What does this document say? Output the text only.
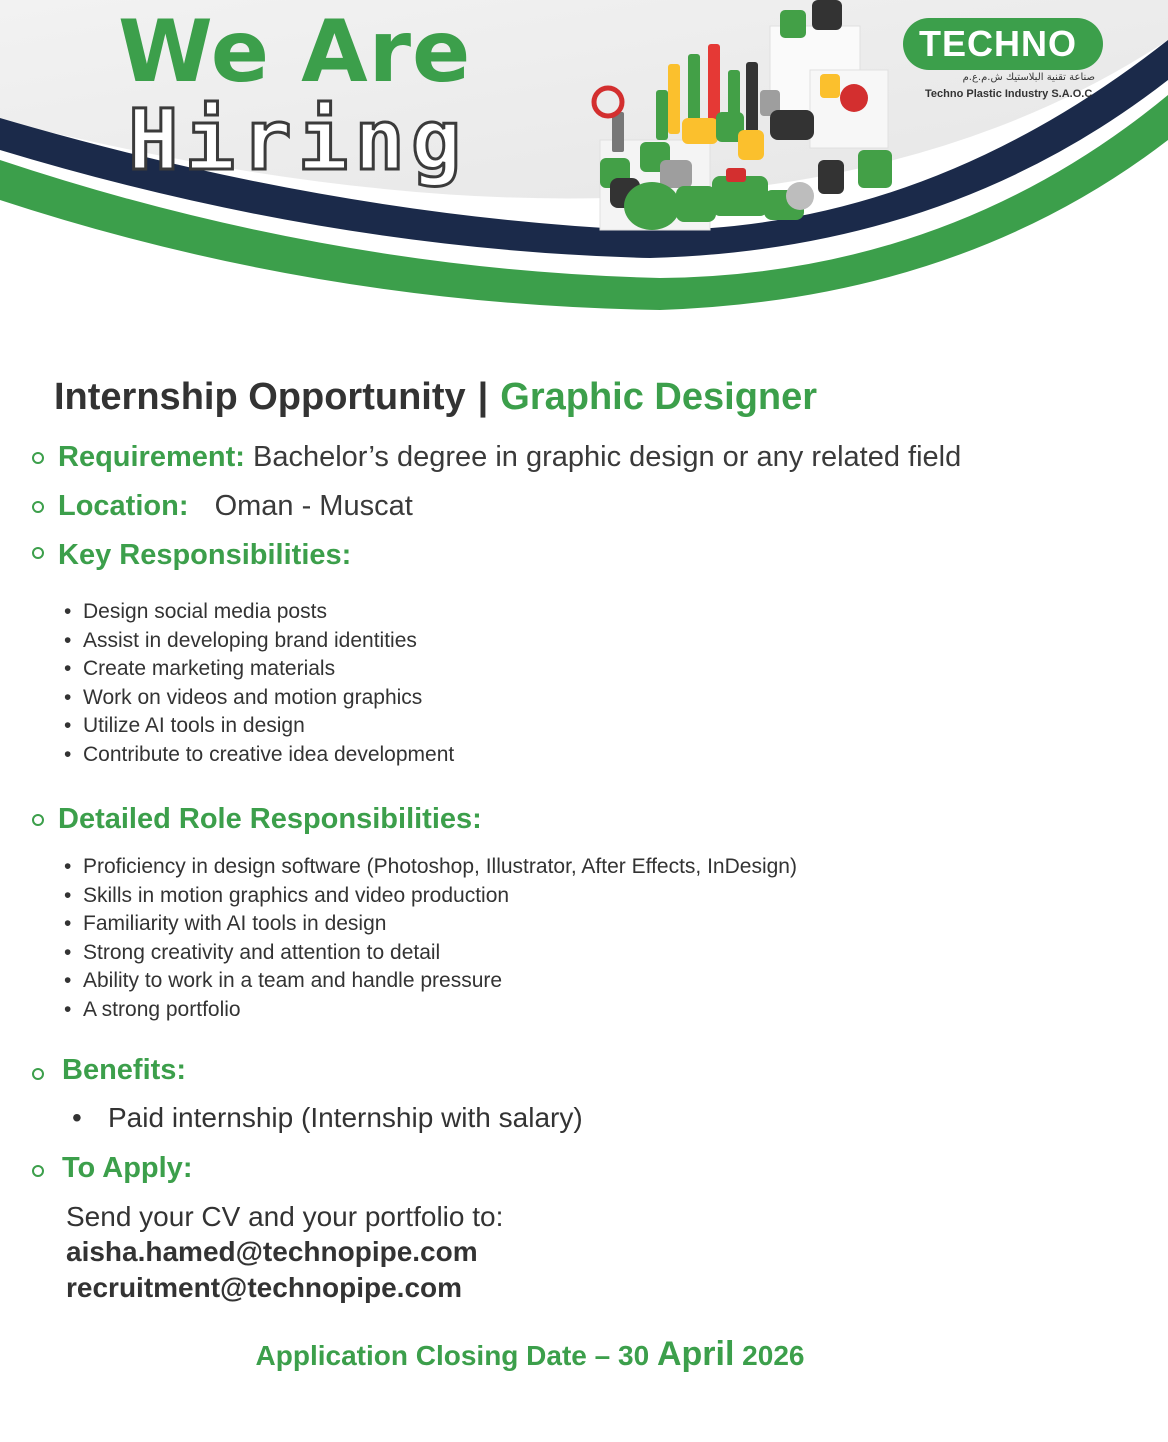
We Are
Hiring
TECHNO
صناعة تقنية البلاستيك ش.م.ع.م
Techno Plastic Industry S.A.O.C
Internship Opportunity | Graphic Designer

Requirement: Bachelor’s degree in graphic design or any related field

Location: Oman - Muscat

Key Responsibilities:
• Design social media posts
• Assist in developing brand identities
• Create marketing materials
• Work on videos and motion graphics
• Utilize AI tools in design
• Contribute to creative idea development
Detailed Role Responsibilities:
• Proficiency in design software (Photoshop, Illustrator, After Effects, InDesign)
• Skills in motion graphics and video production
• Familiarity with AI tools in design
• Strong creativity and attention to detail
• Ability to work in a team and handle pressure
• A strong portfolio
Benefits:

• Paid internship (Internship with salary)

To Apply:

Send your CV and your portfolio to:

aisha.hamed@technopipe.com

recruitment@technopipe.com

Application Closing Date – 30 April 2026
